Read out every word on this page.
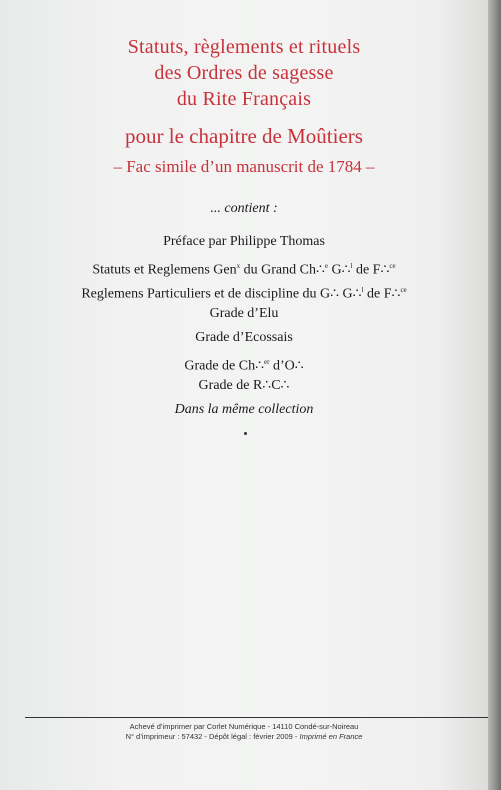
Statuts, règlements et rituels
des Ordres de sagesse
du Rite Français
pour le chapitre de Moûtiers
– Fac simile d’un manuscrit de 1784 –
... contient :
Préface par Philippe Thomas
Statuts et Reglemens Gen$^x$ du Grand Ch∴$^e$ G∴$^l$ de F∴$^{ce}$
Reglemens Particuliers et de discipline du G∴ G∴$^l$ de F∴$^{ce}$
Grade d’Elu
Grade d’Ecossais
Grade de Ch∴$^{er}$ d’O∴
Grade de R∴C∴
Dans la même collection
Achevé d’imprimer par Corlet Numérique - 14110 Condé-sur-Noireau
N° d’imprimeur : 57432 - Dépôt légal : février 2009 - Imprimé en France
